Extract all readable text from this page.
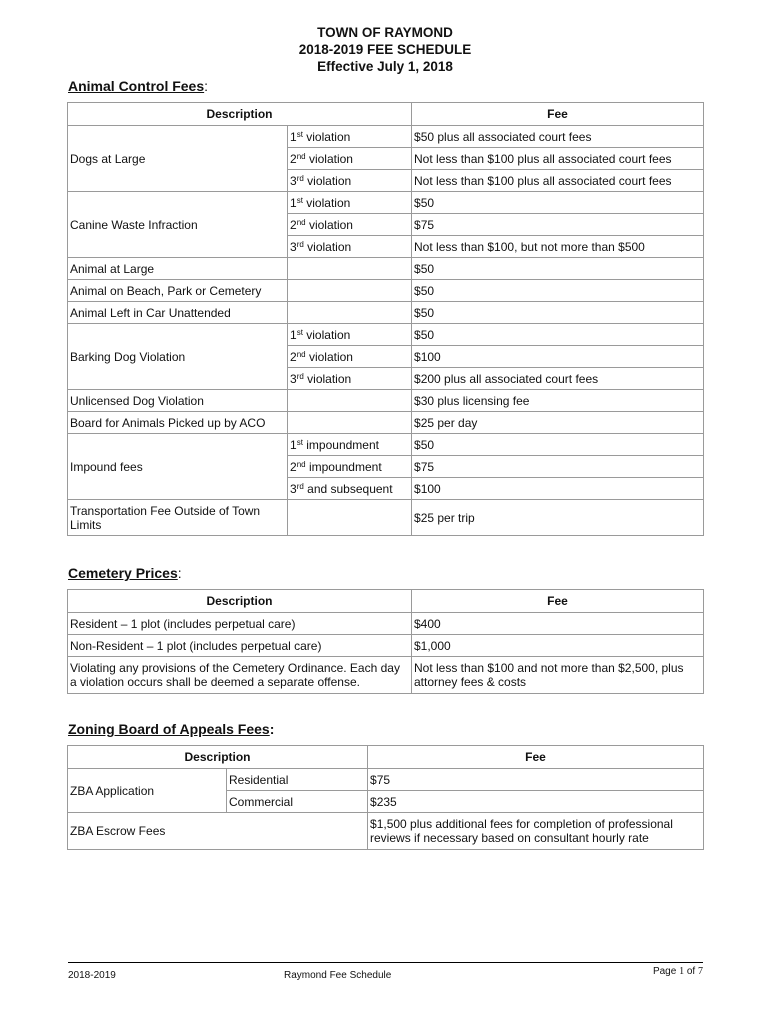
TOWN OF RAYMOND
2018-2019 FEE SCHEDULE
Effective July 1, 2018
Animal Control Fees:
Description		Fee
Dogs at Large	1st violation	$50 plus all associated court fees
	2nd violation	Not less than $100 plus all associated court fees
	3rd violation	Not less than $100 plus all associated court fees
Canine Waste Infraction	1st violation	$50
	2nd violation	$75
	3rd violation	Not less than $100, but not more than $500
Animal at Large		$50
Animal on Beach, Park or Cemetery		$50
Animal Left in Car Unattended		$50
Barking Dog Violation	1st violation	$50
	2nd violation	$100
	3rd violation	$200 plus all associated court fees
Unlicensed Dog Violation		$30 plus licensing fee
Board for Animals Picked up by ACO		$25 per day
Impound fees	1st impoundment	$50
	2nd impoundment	$75
	3rd and subsequent	$100
Transportation Fee Outside of Town Limits		$25 per trip
Cemetery Prices:
Description	Fee
Resident – 1 plot (includes perpetual care)	$400
Non-Resident – 1 plot (includes perpetual care)	$1,000
Violating any provisions of the Cemetery Ordinance. Each day a violation occurs shall be deemed a separate offense.	Not less than $100 and not more than $2,500, plus attorney fees & costs
Zoning Board of Appeals Fees:
Description		Fee
ZBA Application	Residential	$75
	Commercial	$235
ZBA Escrow Fees		$1,500 plus additional fees for completion of professional reviews if necessary based on consultant hourly rate
2018-2019	Raymond Fee Schedule	Page 1 of 7
